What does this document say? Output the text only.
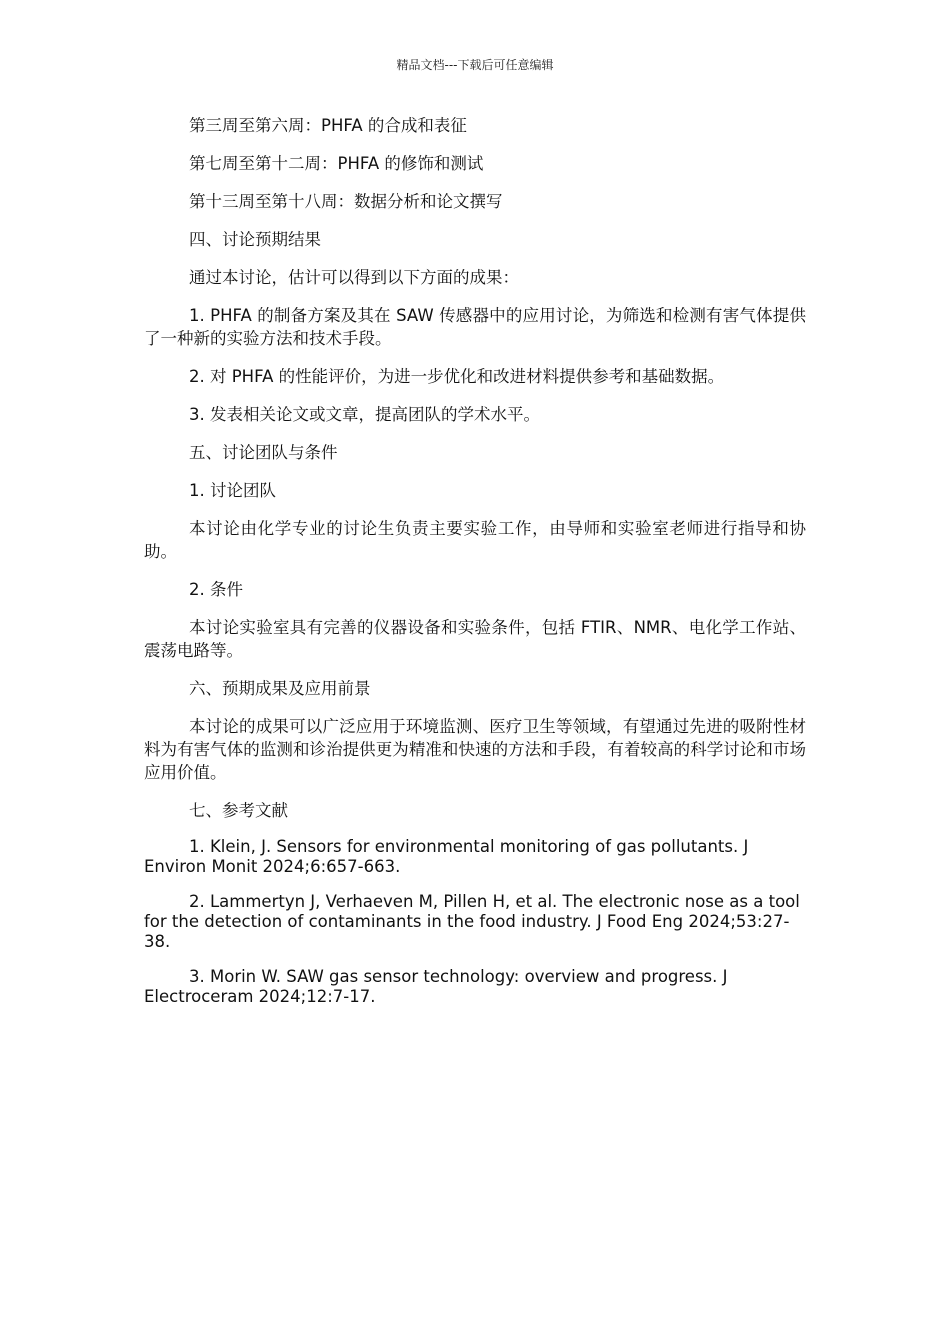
精品文档---下载后可任意编辑

第三周至第六周：PHFA 的合成和表征

第七周至第十二周：PHFA 的修饰和测试

第十三周至第十八周：数据分析和论文撰写

四、讨论预期结果

通过本讨论，估计可以得到以下方面的成果：

1. PHFA 的制备方案及其在 SAW 传感器中的应用讨论，为筛选和检测有害气体提供了一种新的实验方法和技术手段。

2. 对 PHFA 的性能评价，为进一步优化和改进材料提供参考和基础数据。

3. 发表相关论文或文章，提高团队的学术水平。

五、讨论团队与条件

1. 讨论团队

本讨论由化学专业的讨论生负责主要实验工作，由导师和实验室老师进行指导和协助。

2. 条件

本讨论实验室具有完善的仪器设备和实验条件，包括 FTIR、NMR、电化学工作站、震荡电路等。

六、预期成果及应用前景

本讨论的成果可以广泛应用于环境监测、医疗卫生等领域，有望通过先进的吸附性材料为有害气体的监测和诊治提供更为精准和快速的方法和手段，有着较高的科学讨论和市场应用价值。

七、参考文献

1. Klein, J. Sensors for environmental monitoring of gas pollutants. J Environ Monit 2024;6:657-663.

2. Lammertyn J, Verhaeven M, Pillen H, et al. The electronic nose as a tool for the detection of contaminants in the food industry. J Food Eng 2024;53:27-38.

3. Morin W. SAW gas sensor technology: overview and progress. J Electroceram 2024;12:7-17.
